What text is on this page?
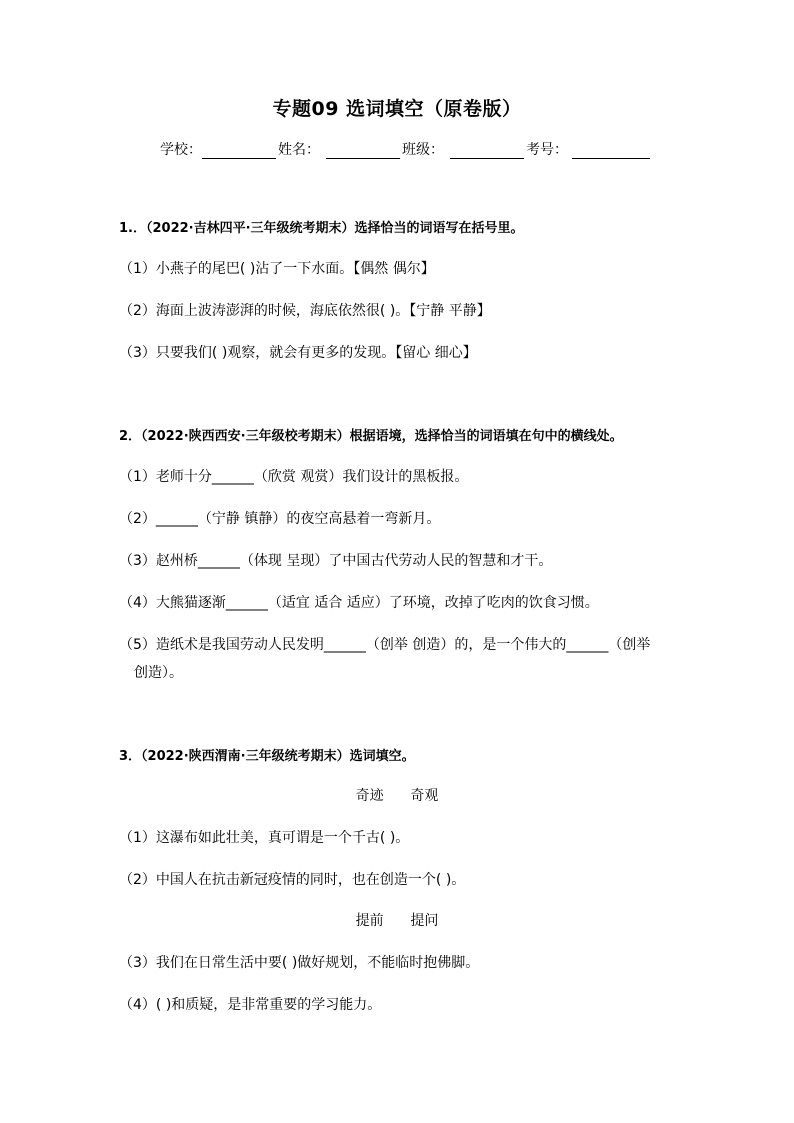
专题09 选词填空（原卷版）
学校：	姓名：	班级：	考号：
1.．（2022·吉林四平·三年级统考期末）选择恰当的词语写在括号里。
（1）小燕子的尾巴( )沾了一下水面。【偶然 偶尔】
（2）海面上波涛澎湃的时候，海底依然很( )。【宁静 平静】
（3）只要我们( )观察，就会有更多的发现。【留心 细心】
2．（2022·陕西西安·三年级校考期末）根据语境，选择恰当的词语填在句中的横线处。
（1）老师十分______（欣赏 观赏）我们设计的黑板报。
（2）______（宁静 镇静）的夜空高悬着一弯新月。
（3）赵州桥______（体现 呈现）了中国古代劳动人民的智慧和才干。
（4）大熊猫逐渐______（适宜 适合 适应）了环境，改掉了吃肉的饮食习惯。
（5）造纸术是我国劳动人民发明______（创举 创造）的，是一个伟大的______（创举
创造）。
3．（2022·陕西渭南·三年级统考期末）选词填空。
奇迹      奇观
（1）这瀑布如此壮美，真可谓是一个千古( )。
（2）中国人在抗击新冠疫情的同时，也在创造一个( )。
提前      提问
（3）我们在日常生活中要( )做好规划，不能临时抱佛脚。
（4）( )和质疑，是非常重要的学习能力。
